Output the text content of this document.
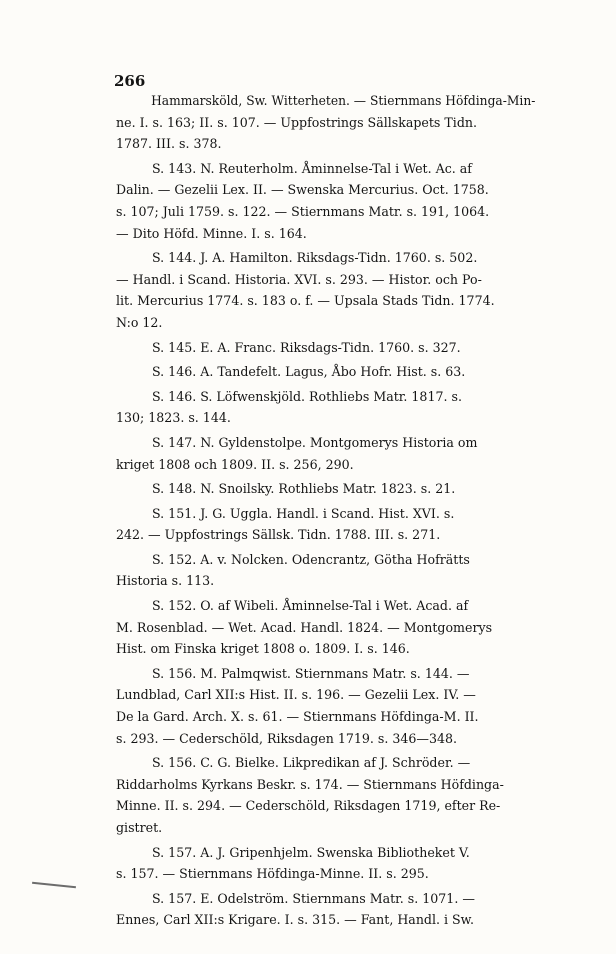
266
Hammarsköld, Sw. Witterheten. — Stiernmans Höfdinga-Min-
ne. I. s. 163; II. s. 107. — Uppfostrings Sällskapets Tidn.
1787. III. s. 378.
S. 143. N. Reuterholm. Åminnelse-Tal i Wet. Ac. af
Dalin. — Gezelii Lex. II. — Swenska Mercurius. Oct. 1758.
s. 107; Juli 1759. s. 122. — Stiernmans Matr. s. 191, 1064.
— Dito Höfd. Minne. I. s. 164.
S. 144. J. A. Hamilton. Riksdags-Tidn. 1760. s. 502.
— Handl. i Scand. Historia. XVI. s. 293. — Histor. och Po-
lit. Mercurius 1774. s. 183 o. f. — Upsala Stads Tidn. 1774.
N:o 12.
S. 145. E. A. Franc. Riksdags-Tidn. 1760. s. 327.
S. 146. A. Tandefelt. Lagus, Åbo Hofr. Hist. s. 63.
S. 146. S. Löfwenskjöld. Rothliebs Matr. 1817. s.
130; 1823. s. 144.
S. 147. N. Gyldenstolpe. Montgomerys Historia om
kriget 1808 och 1809. II. s. 256, 290.
S. 148. N. Snoilsky. Rothliebs Matr. 1823. s. 21.
S. 151. J. G. Uggla. Handl. i Scand. Hist. XVI. s.
242. — Uppfostrings Sällsk. Tidn. 1788. III. s. 271.
S. 152. A. v. Nolcken. Odencrantz, Götha Hofrätts
Historia s. 113.
S. 152. O. af Wibeli. Åminnelse-Tal i Wet. Acad. af
M. Rosenblad. — Wet. Acad. Handl. 1824. — Montgomerys
Hist. om Finska kriget 1808 o. 1809. I. s. 146.
S. 156. M. Palmqwist. Stiernmans Matr. s. 144. —
Lundblad, Carl XII:s Hist. II. s. 196. — Gezelii Lex. IV. —
De la Gard. Arch. X. s. 61. — Stiernmans Höfdinga-M. II.
s. 293. — Cederschöld, Riksdagen 1719. s. 346—348.
S. 156. C. G. Bielke. Likpredikan af J. Schröder. —
Riddarholms Kyrkans Beskr. s. 174. — Stiernmans Höfdinga-
Minne. II. s. 294. — Cederschöld, Riksdagen 1719, efter Re-
gistret.
S. 157. A. J. Gripenhjelm. Swenska Bibliotheket V.
s. 157. — Stiernmans Höfdinga-Minne. II. s. 295.
S. 157. E. Odelström. Stiernmans Matr. s. 1071. —
Ennes, Carl XII:s Krigare. I. s. 315. — Fant, Handl. i Sw.
